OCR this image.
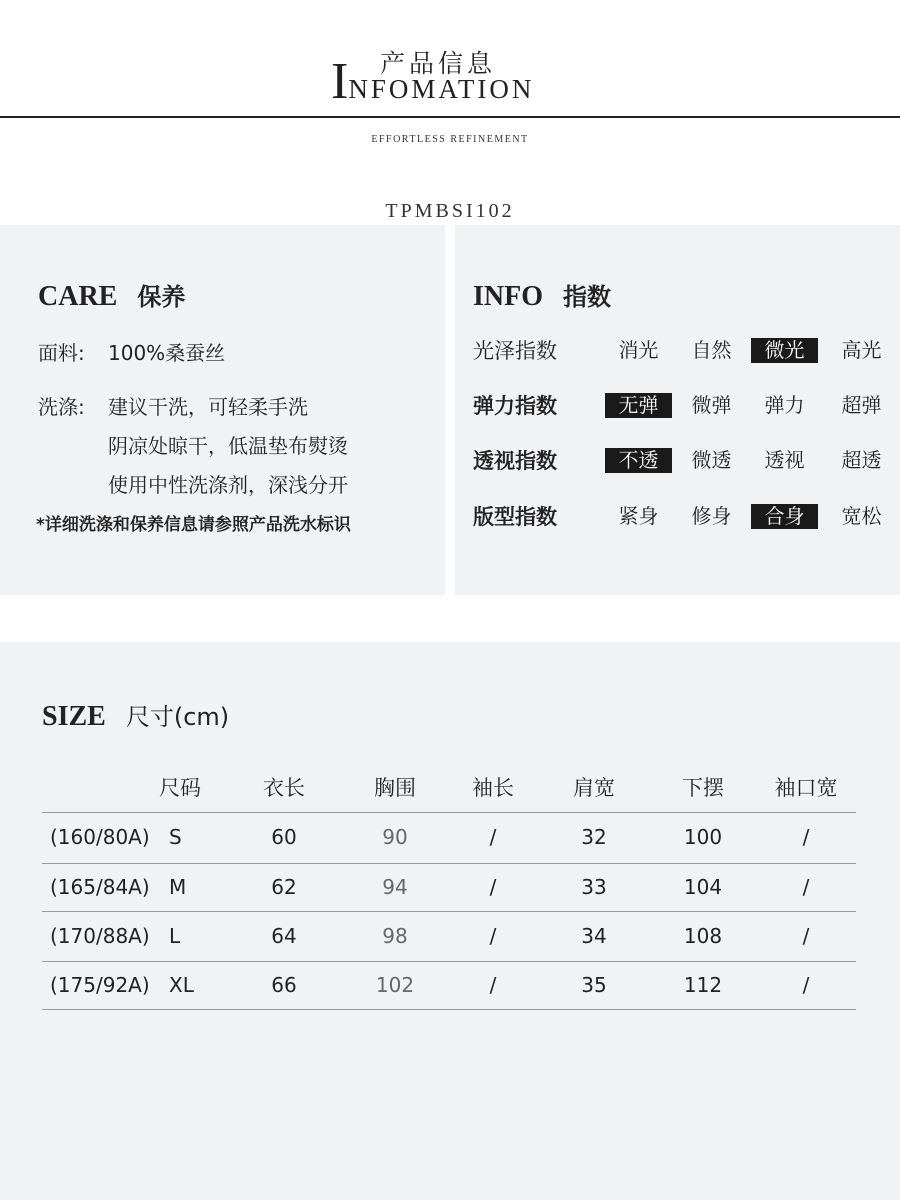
产品信息
INFOMATION
EFFORTLESS REFINEMENT
TPMBSI102
CARE 保养
面料: 100%桑蚕丝
洗涤: 建议干洗，可轻柔手洗
阴凉处晾干，低温垫布熨烫
使用中性洗涤剂，深浅分开
*详细洗涤和保养信息请参照产品洗水标识
INFO 指数
光泽指数	消光	自然	微光	高光
弹力指数	无弹	微弹	弹力	超弹
透视指数	不透	微透	透视	超透
版型指数	紧身	修身	合身	宽松
SIZE 尺寸(cm)
尺码	衣长	胸围	袖长	肩宽	下摆	袖口宽
(160/80A) S	60	90	/	32	100	/
(165/84A) M	62	94	/	33	104	/
(170/88A) L	64	98	/	34	108	/
(175/92A) XL	66	102	/	35	112	/
